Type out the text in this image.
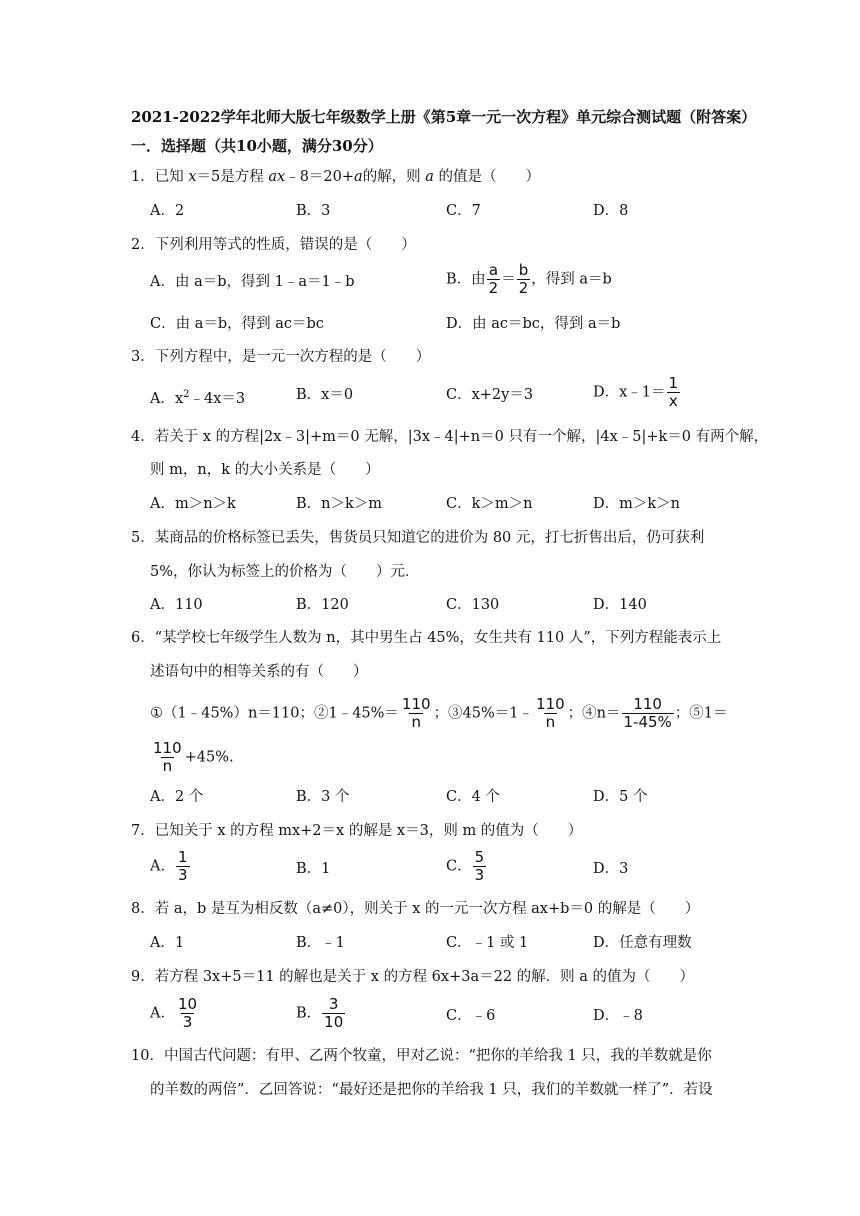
2021-2022学年北师大版七年级数学上册《第5章一元一次方程》单元综合测试题（附答案）
一．选择题（共10小题，满分30分）
1．已知 x＝5是方程 ax﹣8＝20+a的解，则 a 的值是（　　）
A．2	B．3	C．7	D．8
2．下列利用等式的性质，错误的是（　　）
A．由 a＝b，得到 1﹣a＝1﹣b	B．由 $\frac{a}{2} = \frac{b}{2}$ ，得到 a＝b
C．由 a＝b，得到 ac＝bc	D．由 ac＝bc，得到 a＝b
3．下列方程中，是一元一次方程的是（　　）
A．$x^2﹣4x=3$	B．x＝0	C．x+2y＝3	D．x﹣1＝ $\frac{1}{x}$
4．若关于 x 的方程|2x﹣3|+m＝0 无解，|3x﹣4|+n＝0 只有一个解，|4x﹣5|+k＝0 有两个解，
则 m，n，k 的大小关系是（　　）
A．m＞n＞k	B．n＞k＞m	C．k＞m＞n	D．m＞k＞n
5．某商品的价格标签已丢失，售货员只知道它的进价为 80 元，打七折售出后，仍可获利
5%，你认为标签上的价格为（　　）元．
A．110	B．120	C．130	D．140
6．“某学校七年级学生人数为 n，其中男生占 45%，女生共有 110 人”，下列方程能表示上
述语句中的相等关系的有（　　）
①（1﹣45%）n＝110；②1﹣45%＝ $\frac{110}{n}$ ；③45%＝1﹣ $\frac{110}{n}$ ；④n＝ $\frac{110}{1-45\%}$ ；⑤1＝
$\frac{110}{n} +45\%$.
A．2 个	B．3 个	C．4 个	D．5 个
7．已知关于 x 的方程 mx+2＝x 的解是 x＝3，则 m 的值为（　　）
A． $\frac{1}{3}$	B．1	C． $\frac{5}{3}$	D．3
8．若 a，b 是互为相反数（a≠0），则关于 x 的一元一次方程 ax+b＝0 的解是（　　）
A．1	B．﹣1	C．﹣1 或 1	D．任意有理数
9．若方程 3x+5＝11 的解也是关于 x 的方程 6x+3a＝22 的解．则 a 的值为（　　）
A． $\frac{10}{3}$	B． $\frac{3}{10}$	C．﹣6	D．﹣8
10．中国古代问题：有甲、乙两个牧童，甲对乙说：“把你的羊给我 1 只，我的羊数就是你
的羊数的两倍”．乙回答说：“最好还是把你的羊给我 1 只，我们的羊数就一样了”．若设
